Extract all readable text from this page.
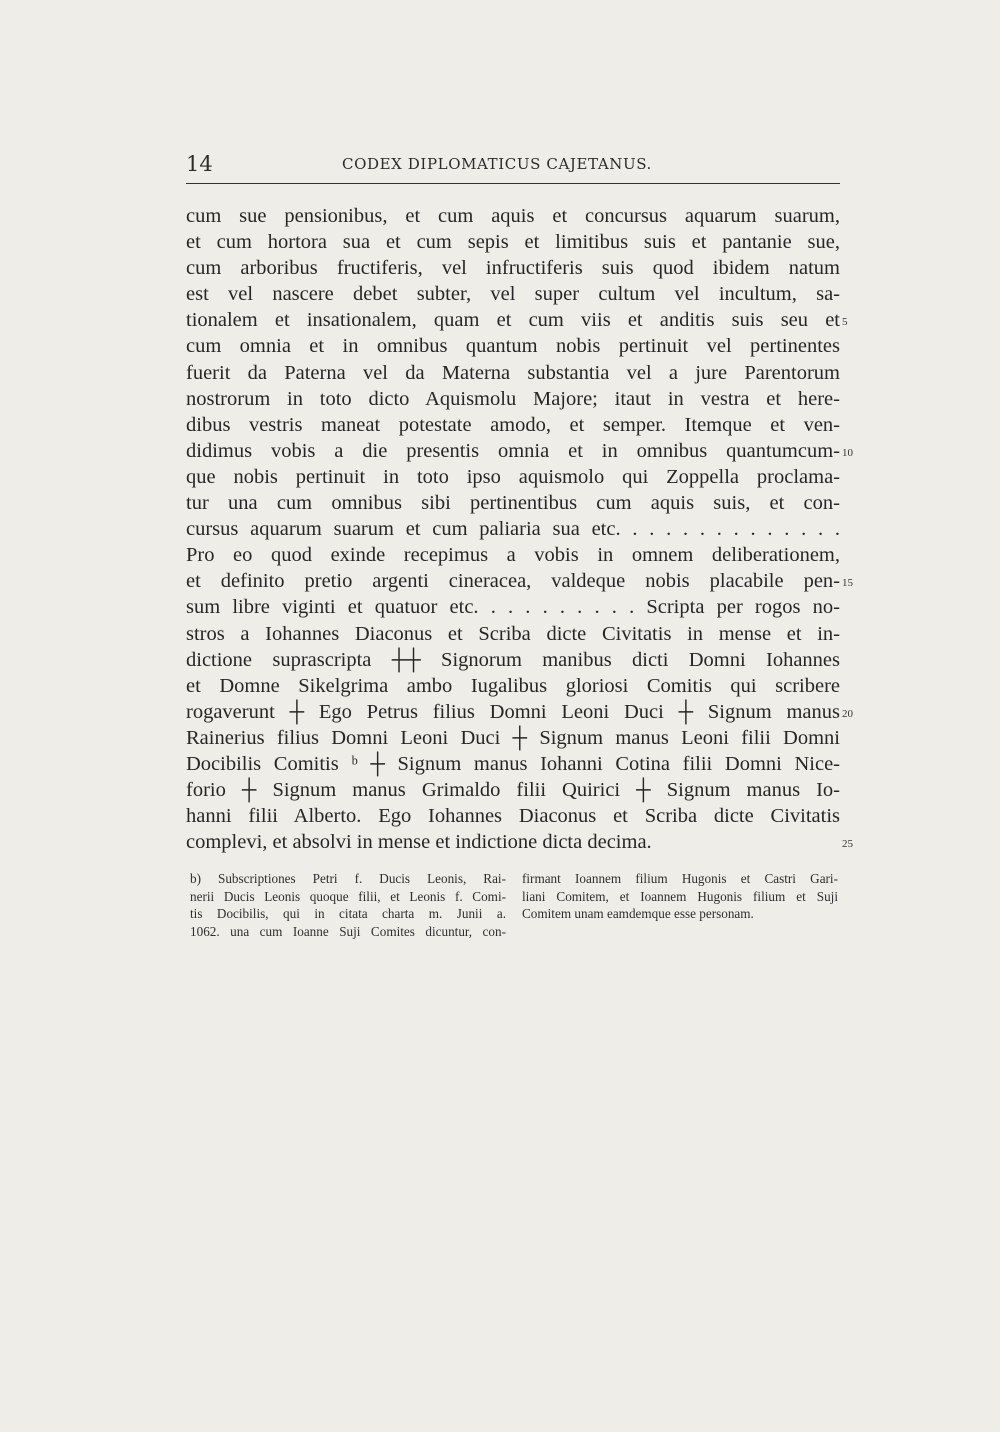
14	CODEX DIPLOMATICUS CAJETANUS.
cum sue pensionibus, et cum aquis et concursus aquarum suarum,
et cum hortora sua et cum sepis et limitibus suis et pantanie sue,
cum arboribus fructiferis, vel infructiferis suis quod ibidem natum
est vel nascere debet subter, vel super cultum vel incultum, sa-
tionalem et insationalem, quam et cum viis et anditis suis seu et
cum omnia et in omnibus quantum nobis pertinuit vel pertinentes
fuerit da Paterna vel da Materna substantia vel a jure Parentorum
nostrorum in toto dicto Aquismolu Majore; itaut in vestra et here-
dibus vestris maneat potestate amodo, et semper. Itemque et ven-
didimus vobis a die presentis omnia et in omnibus quantumcum-
que nobis pertinuit in toto ipso aquismolo qui Zoppella proclama-
tur una cum omnibus sibi pertinentibus cum aquis suis, et con-
cursus aquarum suarum et cum paliaria sua etc. . . . . . . . . . . . . .
Pro eo quod exinde recepimus a vobis in omnem deliberationem,
et definito pretio argenti cineracea, valdeque nobis placabile pen-
sum libre viginti et quatuor etc. . . . . . . . . . Scripta per rogos no-
stros a Iohannes Diaconus et Scriba dicte Civitatis in mense et in-
dictione suprascripta ┼┼ Signorum manibus dicti Domni Iohannes
et Domne Sikelgrima ambo Iugalibus gloriosi Comitis qui scribere
rogaverunt ┼ Ego Petrus filius Domni Leoni Duci ┼ Signum manus
Rainerius filius Domni Leoni Duci ┼ Signum manus Leoni filii Domni
Docibilis Comitis ᵇ ┼ Signum manus Iohanni Cotina filii Domni Nice-
forio ┼ Signum manus Grimaldo filii Quirici ┼ Signum manus Io-
hanni filii Alberto. Ego Iohannes Diaconus et Scriba dicte Civitatis
complevi, et absolvi in mense et indictione dicta decima.
5
10
15
20
25
b) Subscriptiones Petri f. Ducis Leonis, Rai-
nerii Ducis Leonis quoque filii, et Leonis f. Comi-
tis Docibilis, qui in citata charta m. Junii a.
1062. una cum Ioanne Suji Comites dicuntur, con-
firmant Ioannem filium Hugonis et Castri Gari-
liani Comitem, et Ioannem Hugonis filium et Suji
Comitem unam eamdemque esse personam.
